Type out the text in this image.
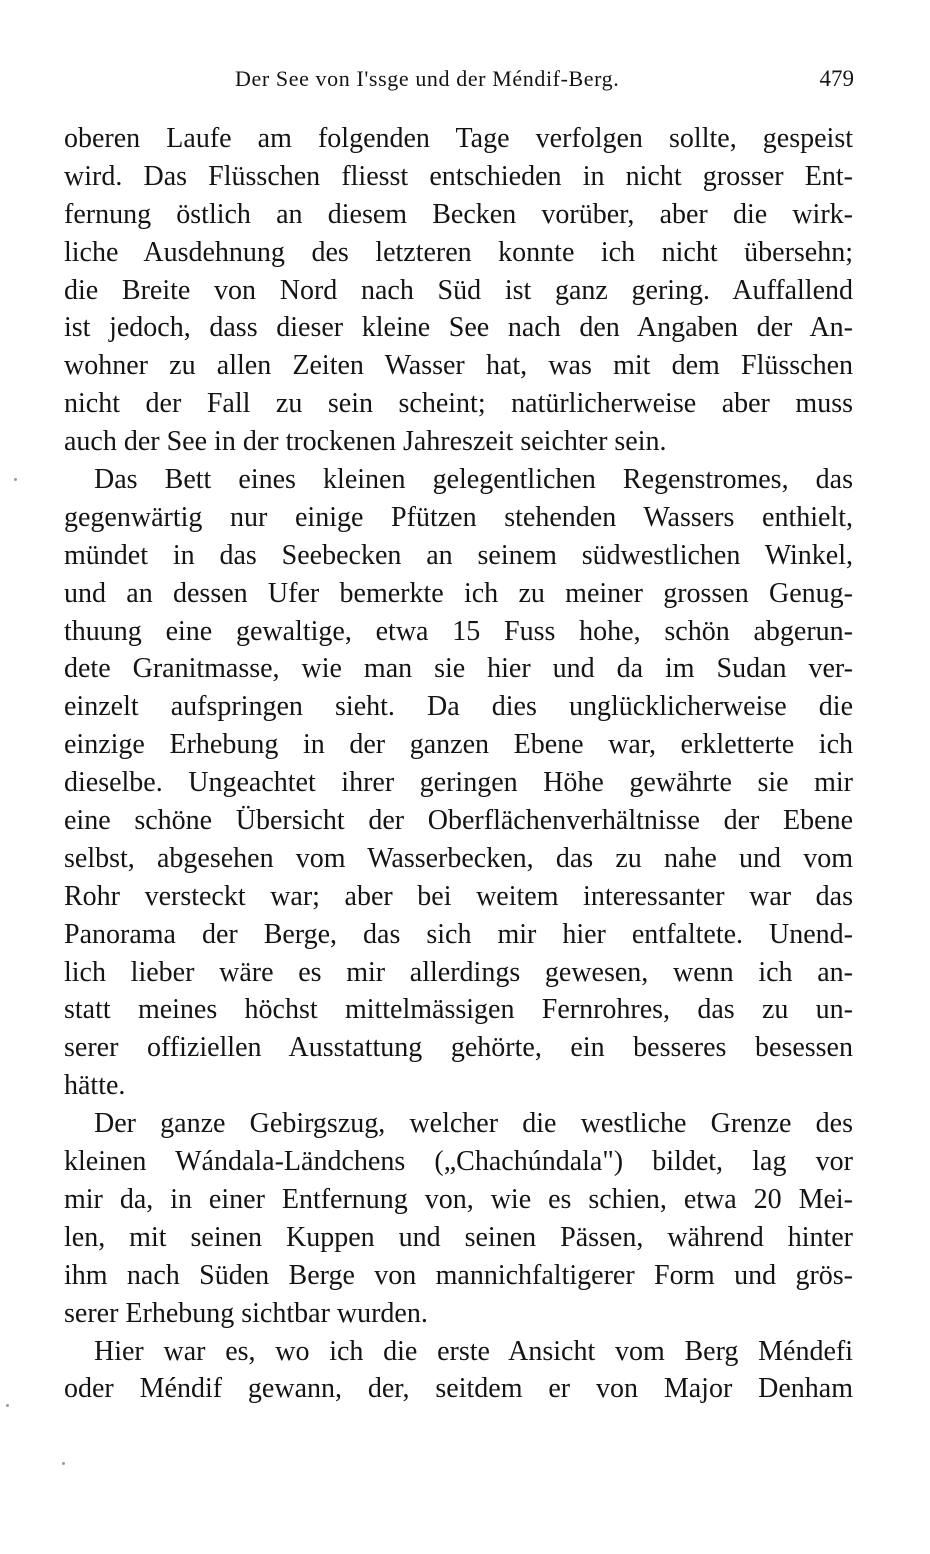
Der See von I'ssge und der Méndif-Berg.	479
oberen Laufe am folgenden Tage verfolgen sollte, gespeist
wird. Das Flüsschen fliesst entschieden in nicht grosser Ent-
fernung östlich an diesem Becken vorüber, aber die wirk-
liche Ausdehnung des letzteren konnte ich nicht übersehn;
die Breite von Nord nach Süd ist ganz gering. Auffallend
ist jedoch, dass dieser kleine See nach den Angaben der An-
wohner zu allen Zeiten Wasser hat, was mit dem Flüsschen
nicht der Fall zu sein scheint; natürlicherweise aber muss
auch der See in der trockenen Jahreszeit seichter sein.
Das Bett eines kleinen gelegentlichen Regenstromes, das
gegenwärtig nur einige Pfützen stehenden Wassers enthielt,
mündet in das Seebecken an seinem südwestlichen Winkel,
und an dessen Ufer bemerkte ich zu meiner grossen Genug-
thuung eine gewaltige, etwa 15 Fuss hohe, schön abgerun-
dete Granitmasse, wie man sie hier und da im Sudan ver-
einzelt aufspringen sieht. Da dies unglücklicherweise die
einzige Erhebung in der ganzen Ebene war, erkletterte ich
dieselbe. Ungeachtet ihrer geringen Höhe gewährte sie mir
eine schöne Übersicht der Oberflächenverhältnisse der Ebene
selbst, abgesehen vom Wasserbecken, das zu nahe und vom
Rohr versteckt war; aber bei weitem interessanter war das
Panorama der Berge, das sich mir hier entfaltete. Unend-
lich lieber wäre es mir allerdings gewesen, wenn ich an-
statt meines höchst mittelmässigen Fernrohres, das zu un-
serer offiziellen Ausstattung gehörte, ein besseres besessen
hätte.
Der ganze Gebirgszug, welcher die westliche Grenze des
kleinen Wándala-Ländchens („Chachúndala") bildet, lag vor
mir da, in einer Entfernung von, wie es schien, etwa 20 Mei-
len, mit seinen Kuppen und seinen Pässen, während hinter
ihm nach Süden Berge von mannichfaltigerer Form und grös-
serer Erhebung sichtbar wurden.
Hier war es, wo ich die erste Ansicht vom Berg Méndefi
oder Méndif gewann, der, seitdem er von Major Denham
